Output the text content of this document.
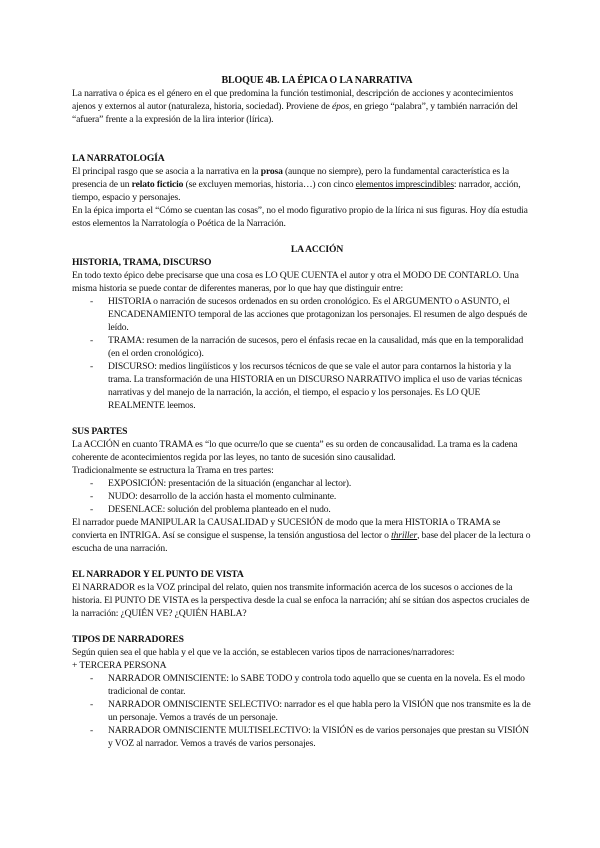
BLOQUE 4B. LA ÉPICA O LA NARRATIVA

La narrativa o épica es el género en el que predomina la función testimonial, descripción de acciones y acontecimientos ajenos y externos al autor (naturaleza, historia, sociedad). Proviene de épos, en griego “palabra”, y también narración del “afuera” frente a la expresión de la lira interior (lírica).

LA NARRATOLOGÍA

El principal rasgo que se asocia a la narrativa en la prosa (aunque no siempre), pero la fundamental característica es la presencia de un relato ficticio (se excluyen memorias, historia…) con cinco elementos imprescindibles: narrador, acción, tiempo, espacio y personajes.

En la épica importa el “Cómo se cuentan las cosas”, no el modo figurativo propio de la lírica ni sus figuras. Hoy día estudia estos elementos la Narratología o Poética de la Narración.

LA ACCIÓN

HISTORIA, TRAMA, DISCURSO

En todo texto épico debe precisarse que una cosa es LO QUE CUENTA el autor y otra el MODO DE CONTARLO. Una misma historia se puede contar de diferentes maneras, por lo que hay que distinguir entre:

- HISTORIA o narración de sucesos ordenados en su orden cronológico. Es el ARGUMENTO o ASUNTO, el ENCADENAMIENTO temporal de las acciones que protagonizan los personajes. El resumen de algo después de leído.
- TRAMA: resumen de la narración de sucesos, pero el énfasis recae en la causalidad, más que en la temporalidad (en el orden cronológico).
- DISCURSO: medios lingüísticos y los recursos técnicos de que se vale el autor para contarnos la historia y la trama. La transformación de una HISTORIA en un DISCURSO NARRATIVO implica el uso de varias técnicas narrativas y del manejo de la narración, la acción, el tiempo, el espacio y los personajes. Es LO QUE REALMENTE leemos.

SUS PARTES

La ACCIÓN en cuanto TRAMA es “lo que ocurre/lo que se cuenta” es su orden de concausalidad. La trama es la cadena coherente de acontecimientos regida por las leyes, no tanto de sucesión sino causalidad.

Tradicionalmente se estructura la Trama en tres partes:

- EXPOSICIÓN: presentación de la situación (enganchar al lector).
- NUDO: desarrollo de la acción hasta el momento culminante.
- DESENLACE: solución del problema planteado en el nudo.

El narrador puede MANIPULAR la CAUSALIDAD y SUCESIÓN de modo que la mera HISTORIA o TRAMA se convierta en INTRIGA. Así se consigue el suspense, la tensión angustiosa del lector o thriller, base del placer de la lectura o escucha de una narración.

EL NARRADOR Y EL PUNTO DE VISTA

El NARRADOR es la VOZ principal del relato, quien nos transmite información acerca de los sucesos o acciones de la historia. El PUNTO DE VISTA es la perspectiva desde la cual se enfoca la narración; ahí se sitúan dos aspectos cruciales de la narración: ¿QUIÉN VE? ¿QUIÉN HABLA?

TIPOS DE NARRADORES

Según quien sea el que habla y el que ve la acción, se establecen varios tipos de narraciones/narradores:

+ TERCERA PERSONA

- NARRADOR OMNISCIENTE: lo SABE TODO y controla todo aquello que se cuenta en la novela. Es el modo tradicional de contar.
- NARRADOR OMNISCIENTE SELECTIVO: narrador es el que habla pero la VISIÓN que nos transmite es la de un personaje. Vemos a través de un personaje.
- NARRADOR OMNISCIENTE MULTISELECTIVO: la VISIÓN es de varios personajes que prestan su VISIÓN y VOZ al narrador. Vemos a través de varios personajes.
